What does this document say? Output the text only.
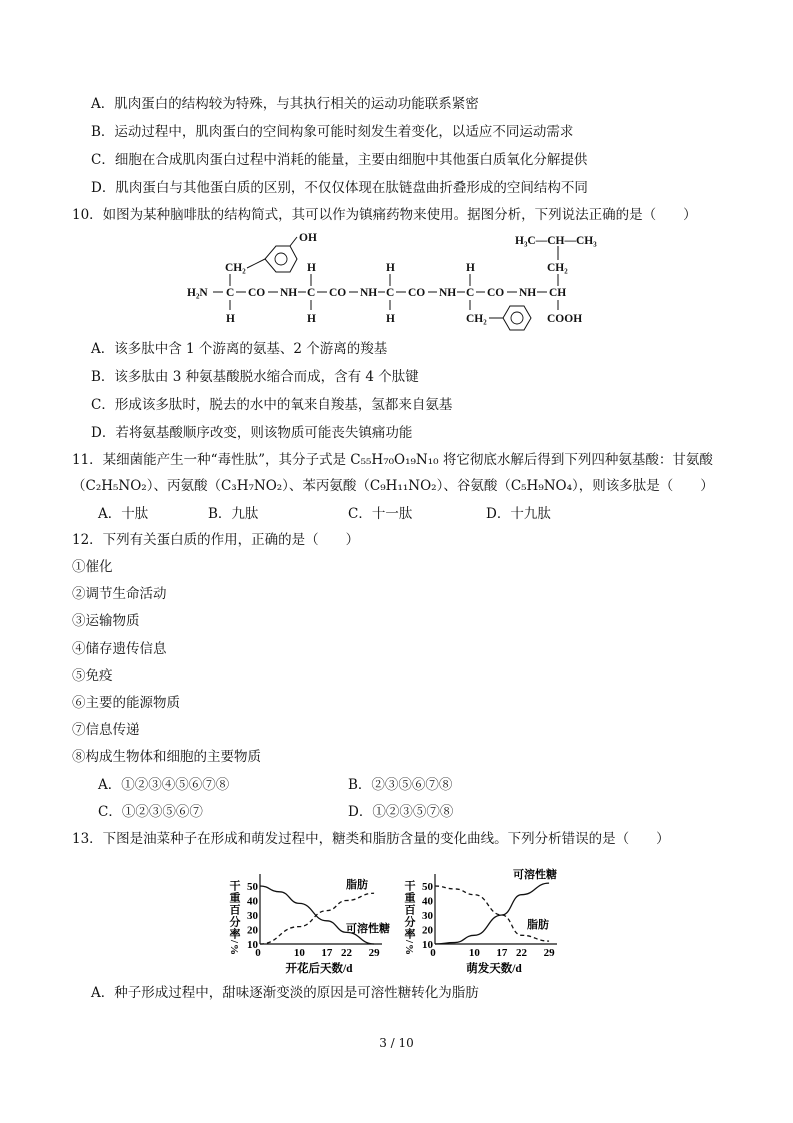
A．肌肉蛋白的结构较为特殊，与其执行相关的运动功能联系紧密
B．运动过程中，肌肉蛋白的空间构象可能时刻发生着变化，以适应不同运动需求
C．细胞在合成肌肉蛋白过程中消耗的能量，主要由细胞中其他蛋白质氧化分解提供
D．肌肉蛋白与其他蛋白质的区别，不仅仅体现在肽链盘曲折叠形成的空间结构不同
10．如图为某种脑啡肽的结构简式，其可以作为镇痛药物来使用。据图分析，下列说法正确的是（　　）
H₃C—CH—CH₃
CH₂
CH₂
OH
H	H	H
H₂N C CO NH C CO NH C CO NH C CO NH CH
H	H	H	CH₂	COOH
A．该多肽中含 1 个游离的氨基、2 个游离的羧基
B．该多肽由 3 种氨基酸脱水缩合而成，含有 4 个肽键
C．形成该多肽时，脱去的水中的氧来自羧基，氢都来自氨基
D．若将氨基酸顺序改变，则该物质可能丧失镇痛功能
11．某细菌能产生一种“毒性肽”，其分子式是 C₅₅H₇₀O₁₉N₁₀ 将它彻底水解后得到下列四种氨基酸：甘氨酸
（C₂H₅NO₂）、丙氨酸（C₃H₇NO₂）、苯丙氨酸（C₉H₁₁NO₂）、谷氨酸（C₅H₉NO₄），则该多肽是（　　）
A．十肽	B．九肽	C．十一肽	D．十九肽
12．下列有关蛋白质的作用，正确的是（　　）
①催化
②调节生命活动
③运输物质
④储存遗传信息
⑤免疫
⑥主要的能源物质
⑦信息传递
⑧构成生物体和细胞的主要物质
A．①②③④⑤⑥⑦⑧	B．②③⑤⑥⑦⑧
C．①②③⑤⑥⑦	D．①②③⑤⑦⑧
13．下图是油菜种子在形成和萌发过程中，糖类和脂肪含量的变化曲线。下列分析错误的是（　　）
干重百分率/% 10
20
30
40
50
0	10 17 22 29
开花后天数/d
脂肪
可溶性糖 干重百分率/% 10
20
30
40
50
0	10 17 22 29
萌发天数/d
可溶性糖
脂肪
A．种子形成过程中，甜味逐渐变淡的原因是可溶性糖转化为脂肪
3 / 10
